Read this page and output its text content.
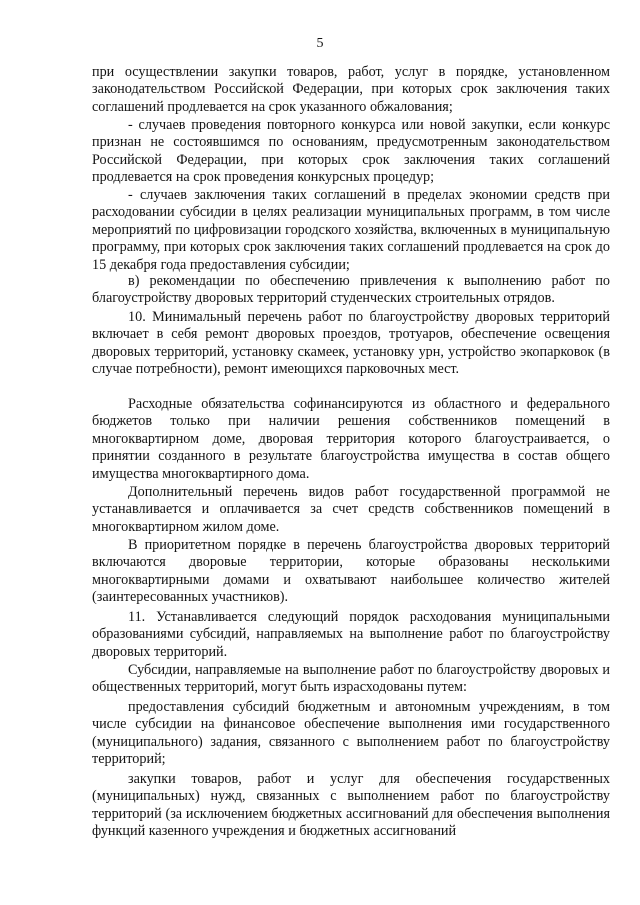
5
при осуществлении закупки товаров, работ, услуг в порядке, установленном законодательством Российской Федерации, при которых срок заключения таких соглашений продлевается на срок указанного обжалования;
- случаев проведения повторного конкурса или новой закупки, если конкурс признан не состоявшимся по основаниям, предусмотренным законодательством Российской Федерации, при которых срок заключения таких соглашений продлевается на срок проведения конкурсных процедур;
- случаев заключения таких соглашений в пределах экономии средств при расходовании субсидии в целях реализации муниципальных программ, в том числе мероприятий по цифровизации городского хозяйства, включенных в муниципальную программу, при которых срок заключения таких соглашений продлевается на срок до 15 декабря года предоставления субсидии;
в) рекомендации по обеспечению привлечения к выполнению работ по благоустройству дворовых территорий студенческих строительных отрядов.
10. Минимальный перечень работ по благоустройству дворовых территорий включает в себя ремонт дворовых проездов, тротуаров, обеспечение освещения дворовых территорий, установку скамеек, установку урн, устройство экопарковок (в случае потребности), ремонт имеющихся парковочных мест.
Расходные обязательства софинансируются из областного и федерального бюджетов только при наличии решения собственников помещений в многоквартирном доме, дворовая территория которого благоустраивается, о принятии созданного в результате благоустройства имущества в состав общего имущества многоквартирного дома.
Дополнительный перечень видов работ государственной программой не устанавливается и оплачивается за счет средств собственников помещений в многоквартирном жилом доме.
В приоритетном порядке в перечень благоустройства дворовых территорий включаются дворовые территории, которые образованы несколькими многоквартирными домами и охватывают наибольшее количество жителей (заинтересованных участников).
11. Устанавливается следующий порядок расходования муниципальными образованиями субсидий, направляемых на выполнение работ по благоустройству дворовых территорий.
Субсидии, направляемые на выполнение работ по благоустройству дворовых и общественных территорий, могут быть израсходованы путем:
предоставления субсидий бюджетным и автономным учреждениям, в том числе субсидии на финансовое обеспечение выполнения ими государственного (муниципального) задания, связанного с выполнением работ по благоустройству территорий;
закупки товаров, работ и услуг для обеспечения государственных (муниципальных) нужд, связанных с выполнением работ по благоустройству территорий (за исключением бюджетных ассигнований для обеспечения выполнения функций казенного учреждения и бюджетных ассигнований
